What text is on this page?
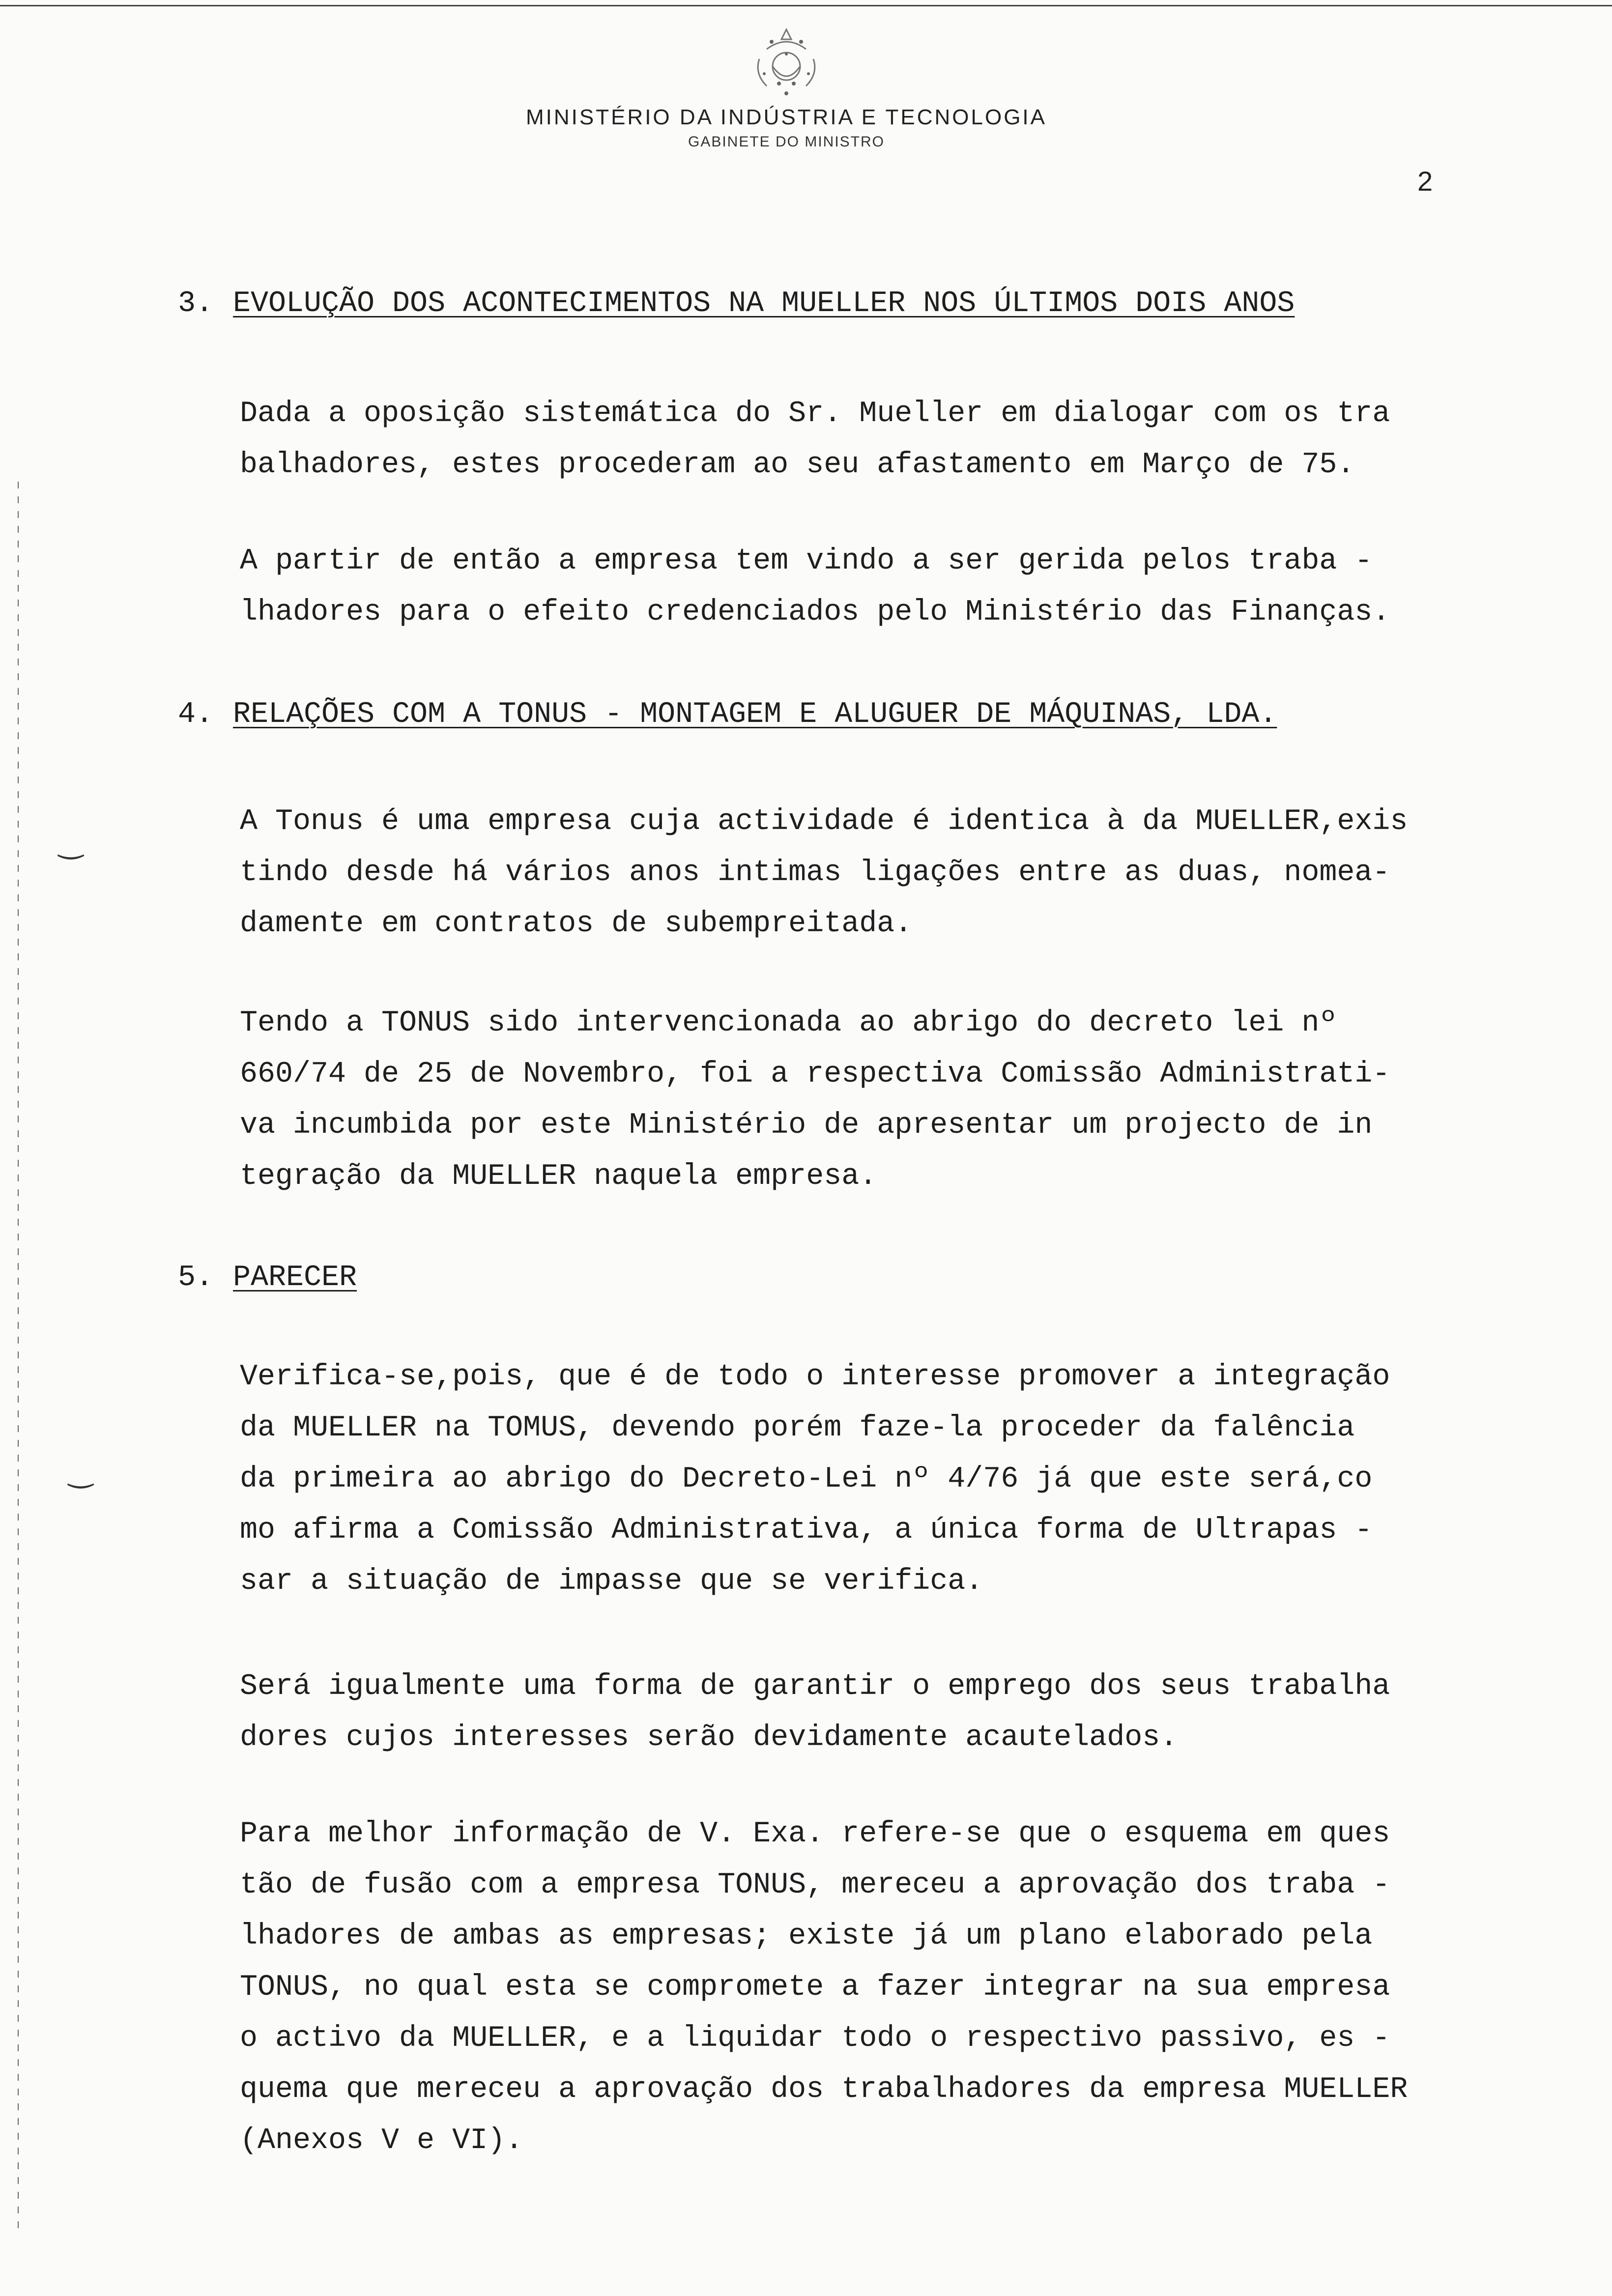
MINISTÉRIO DA INDÚSTRIA E TECNOLOGIA
GABINETE DO MINISTRO
2
3. EVOLUÇÃO DOS ACONTECIMENTOS NA MUELLER NOS ÚLTIMOS DOIS ANOS
Dada a oposição sistemática do Sr. Mueller em dialogar com os tra
balhadores, estes procederam ao seu afastamento em Março de 75.
A partir de então a empresa tem vindo a ser gerida pelos traba -
lhadores para o efeito credenciados pelo Ministério das Finanças.
4. RELAÇÕES COM A TONUS - MONTAGEM E ALUGUER DE MÁQUINAS, LDA.
A Tonus é uma empresa cuja actividade é identica à da MUELLER,exis
tindo desde há vários anos intimas ligações entre as duas, nomea-
damente em contratos de subempreitada.
Tendo a TONUS sido intervencionada ao abrigo do decreto lei nº
660/74 de 25 de Novembro, foi a respectiva Comissão Administrati-
va incumbida por este Ministério de apresentar um projecto de in
tegração da MUELLER naquela empresa.
5. PARECER
Verifica-se,pois, que é de todo o interesse promover a integração
da MUELLER na TOMUS, devendo porém faze-la proceder da falência
da primeira ao abrigo do Decreto-Lei nº 4/76 já que este será,co
mo afirma a Comissão Administrativa, a única forma de Ultrapas -
sar a situação de impasse que se verifica.
Será igualmente uma forma de garantir o emprego dos seus trabalha
dores cujos interesses serão devidamente acautelados.
Para melhor informação de V. Exa. refere-se que o esquema em ques
tão de fusão com a empresa TONUS, mereceu a aprovação dos traba -
lhadores de ambas as empresas; existe já um plano elaborado pela
TONUS, no qual esta se compromete a fazer integrar na sua empresa
o activo da MUELLER, e a liquidar todo o respectivo passivo, es -
quema que mereceu a aprovação dos trabalhadores da empresa MUELLER
(Anexos V e VI).
‿
‿
